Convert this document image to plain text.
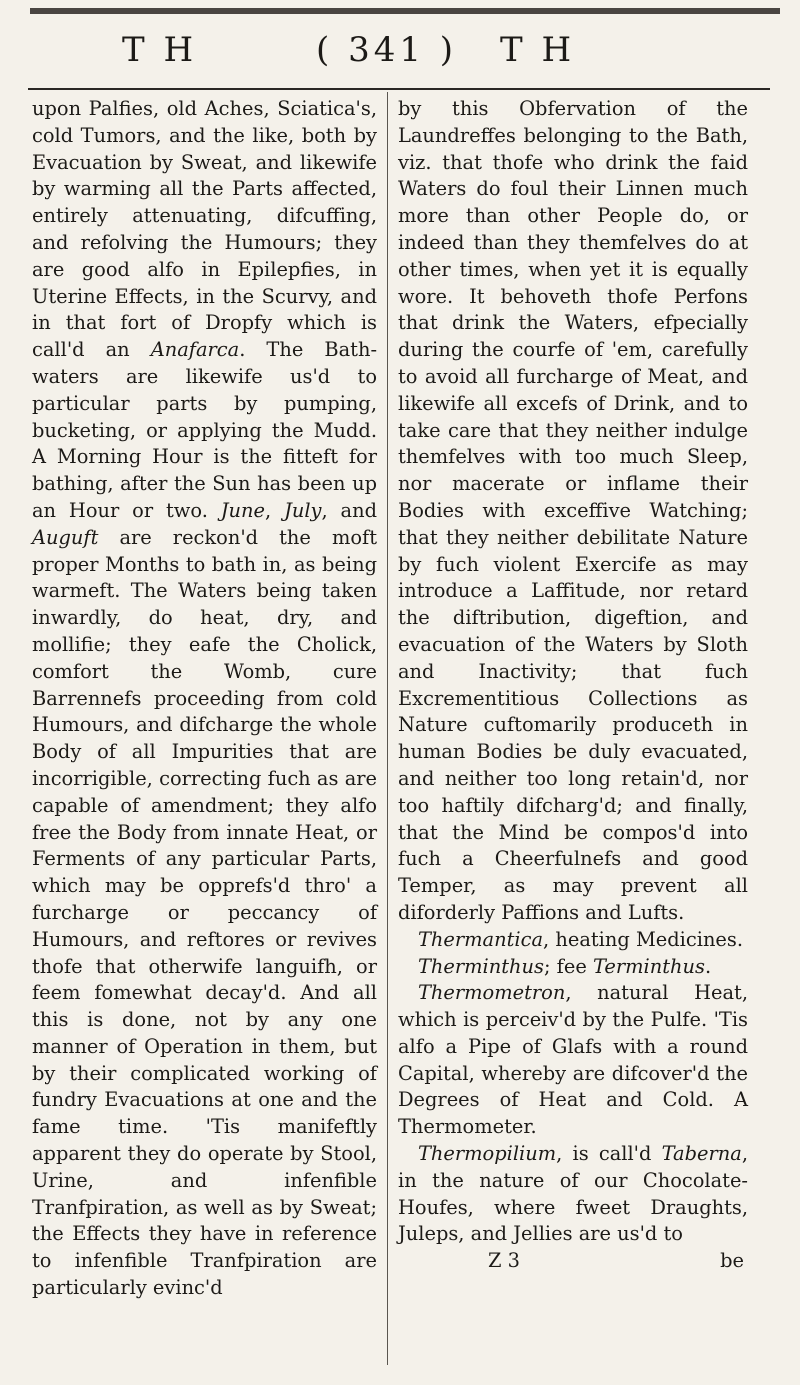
T H	( 341 ) T H

upon Palfies, old Aches, Sciatica's, cold Tumors, and the like, both by Evacuation by Sweat, and likewife by warming all the Parts affected, entirely attenuating, difcuffing, and refolving the Humours; they are good alfo in Epilepfies, in Uterine Effects, in the Scurvy, and in that fort of Dropfy which is call'd an Anafarca. The Bath-waters are likewife us'd to particular parts by pumping, bucketing, or applying the Mudd. A Morning Hour is the fitteft for bathing, after the Sun has been up an Hour or two. June, July, and Auguft are reckon'd the moft proper Months to bath in, as being warmeft. The Waters being taken inwardly, do heat, dry, and mollifie; they eafe the Cholick, comfort the Womb, cure Barrennefs proceeding from cold Humours, and difcharge the whole Body of all Impurities that are incorrigible, correcting fuch as are capable of amendment; they alfo free the Body from innate Heat, or Ferments of any particular Parts, which may be opprefs'd thro' a furcharge or peccancy of Humours, and reftores or revives thofe that otherwife languifh, or feem fomewhat decay'd. And all this is done, not by any one manner of Operation in them, but by their complicated working of fundry Evacuations at one and the fame time. 'Tis manifeftly apparent they do operate by Stool, Urine, and infenfible Tranfpiration, as well as by Sweat; the Effects they have in reference to infenfible Tranfpiration are particularly evinc'd

by this Obfervation of the Laundreffes belonging to the Bath, viz. that thofe who drink the faid Waters do foul their Linnen much more than other People do, or indeed than they themfelves do at other times, when yet it is equally wore. It behoveth thofe Perfons that drink the Waters, efpecially during the courfe of 'em, carefully to avoid all furcharge of Meat, and likewife all excefs of Drink, and to take care that they neither indulge themfelves with too much Sleep, nor macerate or inflame their Bodies with exceffive Watching; that they neither debilitate Nature by fuch violent Exercife as may introduce a Laffitude, nor retard the diftribution, digeftion, and evacuation of the Waters by Sloth and Inactivity; that fuch Excrementitious Collections as Nature cuftomarily produceth in human Bodies be duly evacuated, and neither too long retain'd, nor too haftily difcharg'd; and finally, that the Mind be compos'd into fuch a Cheerfulnefs and good Temper, as may prevent all diforderly Paffions and Lufts.

Thermantica, heating Medicines.

Therminthus; fee Terminthus.

Thermometron, natural Heat, which is perceiv'd by the Pulfe. 'Tis alfo a Pipe of Glafs with a round Capital, whereby are difcover'd the Degrees of Heat and Cold. A Thermometer.

Thermopilium, is call'd Taberna, in the nature of our Chocolate-Houfes, where fweet Draughts, Juleps, and Jellies are us'd to

Z 3	be
